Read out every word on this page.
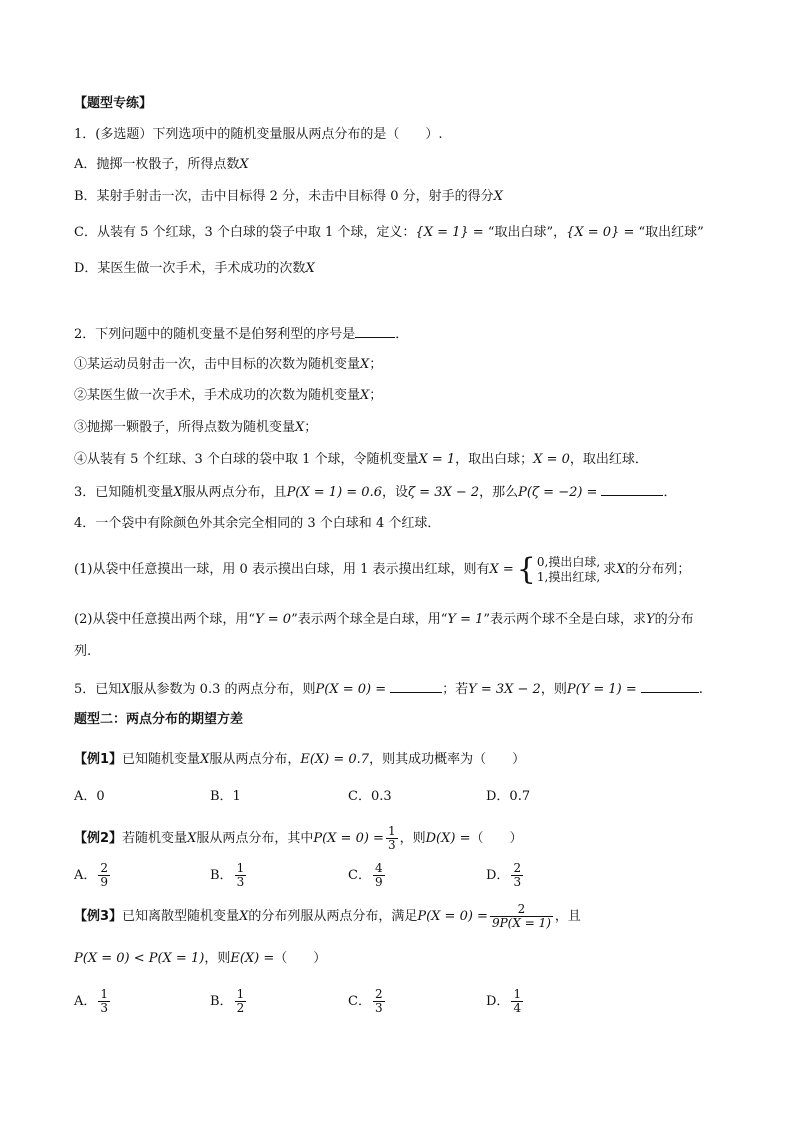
【题型专练】
1．(多选题）下列选项中的随机变量服从两点分布的是（　　）.
A．抛掷一枚骰子，所得点数X
B．某射手射击一次，击中目标得 2 分，未击中目标得 0 分，射手的得分X
C．从装有 5 个红球，3 个白球的袋子中取 1 个球，定义：{X = 1} = “取出白球”，{X = 0} = “取出红球”
D．某医生做一次手术，手术成功的次数X
2．下列问题中的随机变量不是伯努利型的序号是	．
①某运动员射击一次，击中目标的次数为随机变量X；
②某医生做一次手术，手术成功的次数为随机变量X；
③抛掷一颗骰子，所得点数为随机变量X；
④从装有 5 个红球、3 个白球的袋中取 1 个球，令随机变量X = 1，取出白球；X = 0，取出红球．
3．已知随机变量X服从两点分布，且P(X = 1) = 0.6，设ζ = 3X − 2，那么P(ζ = −2) =	．
4．一个袋中有除颜色外其余完全相同的 3 个白球和 4 个红球．
(1)从袋中任意摸出一球，用 0 表示摸出白球，用 1 表示摸出红球，则有X = { 0,摸出白球,
1,摸出红球, 求X的分布列；
(2)从袋中任意摸出两个球，用“Y = 0”表示两个球全是白球，用“Y = 1”表示两个球不全是白球，求Y的分布
列.
5．已知X服从参数为 0.3 的两点分布，则P(X = 0) =	；若Y = 3X − 2，则P(Y = 1) =	.
题型二：两点分布的期望方差
【例1】已知随机变量X服从两点分布，E(X) = 0.7，则其成功概率为（　　）
A．0	B．1	C．0.3	D．0.7
【例2】若随机变量X服从两点分布，其中$P(X = 0) = \frac{1}{3}$ ，则D(X) =（　　）
A． $\frac{2}{9}$	B． $\frac{1}{3}$	C． $\frac{4}{9}$	D． $\frac{2}{3}$
【例3】已知离散型随机变量X的分布列服从两点分布，满足$P(X = 0) = \frac{2}{9P(X = 1)}$ ，且
P(X = 0) < P(X = 1)，则E(X) =（　　）
A． $\frac{1}{3}$	B． $\frac{1}{2}$	C． $\frac{2}{3}$	D． $\frac{1}{4}$
